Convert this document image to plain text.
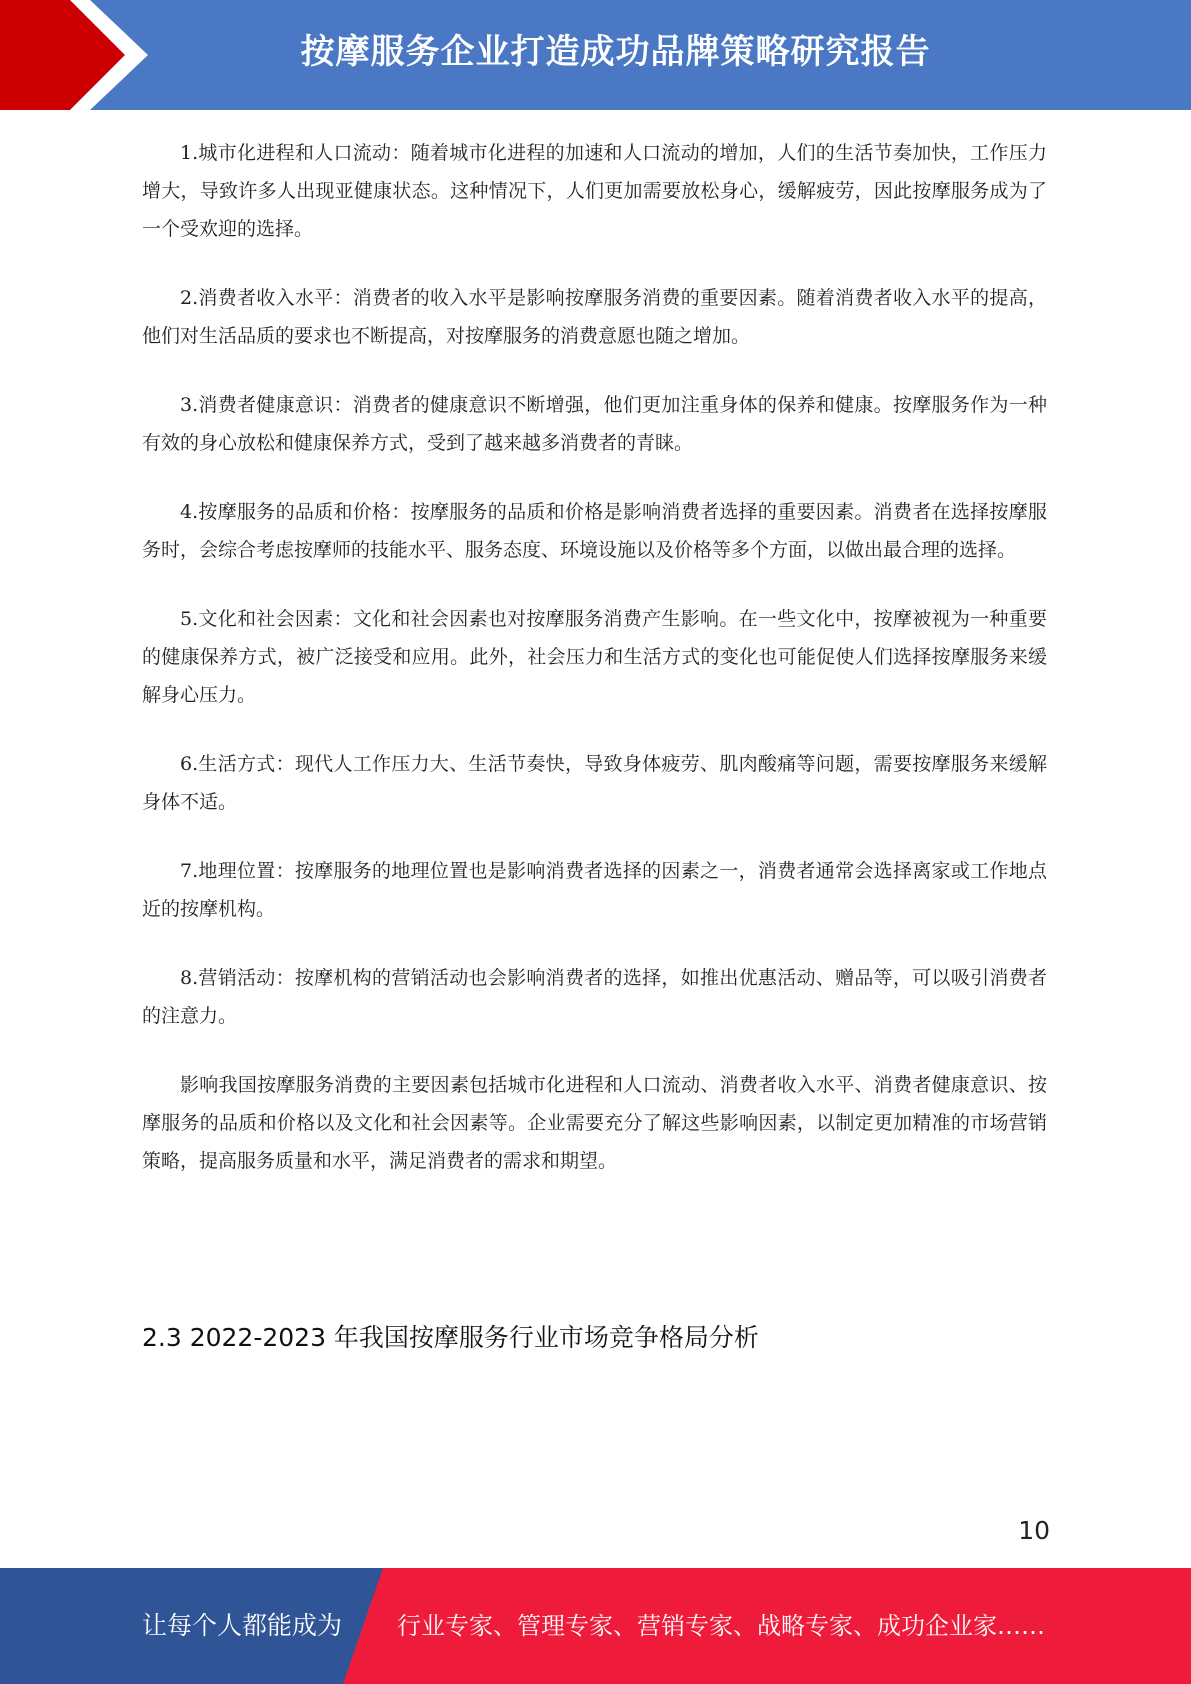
按摩服务企业打造成功品牌策略研究报告

1.城市化进程和人口流动：随着城市化进程的加速和人口流动的增加，人们的生活节奏加快，工作压力增大，导致许多人出现亚健康状态。这种情况下，人们更加需要放松身心，缓解疲劳，因此按摩服务成为了一个受欢迎的选择。

2.消费者收入水平：消费者的收入水平是影响按摩服务消费的重要因素。随着消费者收入水平的提高，他们对生活品质的要求也不断提高，对按摩服务的消费意愿也随之增加。

3.消费者健康意识：消费者的健康意识不断增强，他们更加注重身体的保养和健康。按摩服务作为一种有效的身心放松和健康保养方式，受到了越来越多消费者的青睐。

4.按摩服务的品质和价格：按摩服务的品质和价格是影响消费者选择的重要因素。消费者在选择按摩服务时，会综合考虑按摩师的技能水平、服务态度、环境设施以及价格等多个方面，以做出最合理的选择。

5.文化和社会因素：文化和社会因素也对按摩服务消费产生影响。在一些文化中，按摩被视为一种重要的健康保养方式，被广泛接受和应用。此外，社会压力和生活方式的变化也可能促使人们选择按摩服务来缓解身心压力。

6.生活方式：现代人工作压力大、生活节奏快，导致身体疲劳、肌肉酸痛等问题，需要按摩服务来缓解身体不适。

7.地理位置：按摩服务的地理位置也是影响消费者选择的因素之一，消费者通常会选择离家或工作地点近的按摩机构。

8.营销活动：按摩机构的营销活动也会影响消费者的选择，如推出优惠活动、赠品等，可以吸引消费者的注意力。

影响我国按摩服务消费的主要因素包括城市化进程和人口流动、消费者收入水平、消费者健康意识、按摩服务的品质和价格以及文化和社会因素等。企业需要充分了解这些影响因素，以制定更加精准的市场营销策略，提高服务质量和水平，满足消费者的需求和期望。

2.3 2022-2023 年我国按摩服务行业市场竞争格局分析
10
让每个人都能成为 行业专家、管理专家、营销专家、战略专家、成功企业家……
